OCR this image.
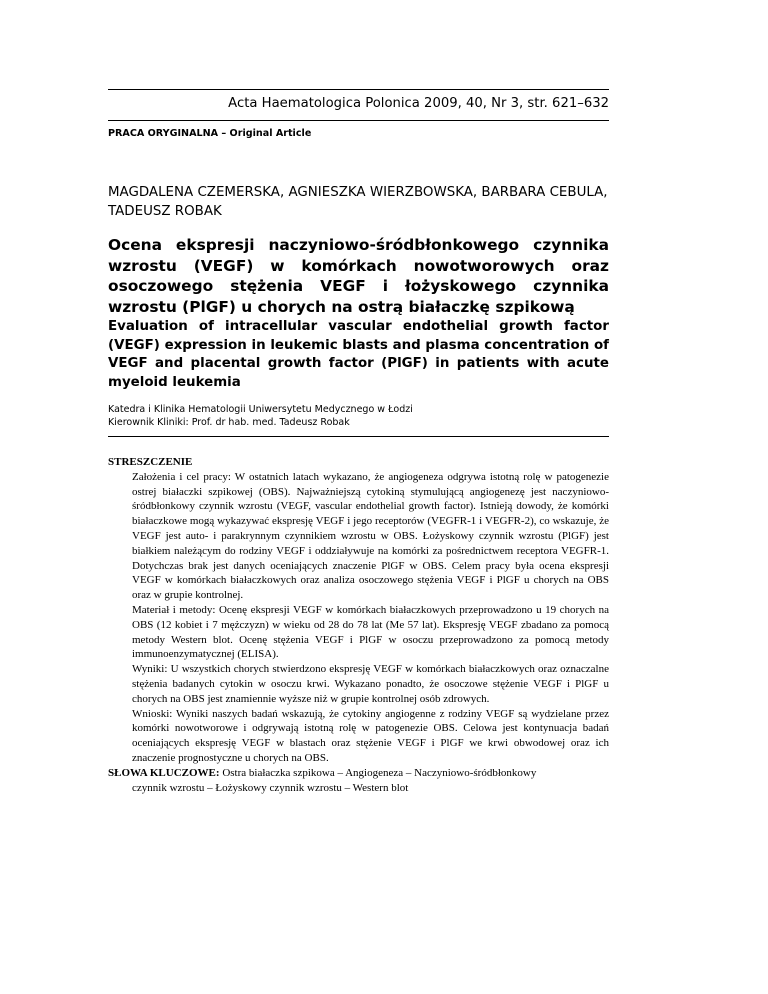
Acta Haematologica Polonica 2009, 40, Nr 3, str. 621–632
PRACA ORYGINALNA – Original Article
MAGDALENA CZEMERSKA, AGNIESZKA WIERZBOWSKA, BARBARA CEBULA,
TADEUSZ ROBAK
Ocena ekspresji naczyniowo-śródbłonkowego czynnika wzrostu (VEGF) w komórkach nowotworowych oraz osoczowego stężenia VEGF i łożyskowego czynnika wzrostu (PlGF) u chorych na ostrą białaczkę szpikową
Evaluation of intracellular vascular endothelial growth factor (VEGF) expression in leukemic blasts and plasma concentration of VEGF and placental growth factor (PlGF) in patients with acute myeloid leukemia
Katedra i Klinika Hematologii Uniwersytetu Medycznego w Łodzi
Kierownik Kliniki: Prof. dr hab. med. Tadeusz Robak
STRESZCZENIE
Założenia i cel pracy: W ostatnich latach wykazano, że angiogeneza odgrywa istotną rolę w patogenezie ostrej białaczki szpikowej (OBS). Najważniejszą cytokiną stymulującą angiogenezę jest naczyniowo-śródbłonkowy czynnik wzrostu (VEGF, vascular endothelial growth factor). Istnieją dowody, że komórki białaczkowe mogą wykazywać ekspresję VEGF i jego receptorów (VEGFR-1 i VEGFR-2), co wskazuje, że VEGF jest auto- i parakrynnym czynnikiem wzrostu w OBS. Łożyskowy czynnik wzrostu (PlGF) jest białkiem należącym do rodziny VEGF i oddziaływuje na komórki za pośrednictwem receptora VEGFR-1. Dotychczas brak jest danych oceniających znaczenie PlGF w OBS. Celem pracy była ocena ekspresji VEGF w komórkach białaczkowych oraz analiza osoczowego stężenia VEGF i PlGF u chorych na OBS oraz w grupie kontrolnej.
Materiał i metody: Ocenę ekspresji VEGF w komórkach białaczkowych przeprowadzono u 19 chorych na OBS (12 kobiet i 7 mężczyzn) w wieku od 28 do 78 lat (Me 57 lat). Ekspresję VEGF zbadano za pomocą metody Western blot. Ocenę stężenia VEGF i PlGF w osoczu przeprowadzono za pomocą metody immunoenzymatycznej (ELISA).
Wyniki: U wszystkich chorych stwierdzono ekspresję VEGF w komórkach białaczkowych oraz oznaczalne stężenia badanych cytokin w osoczu krwi. Wykazano ponadto, że osoczowe stężenie VEGF i PlGF u chorych na OBS jest znamiennie wyższe niż w grupie kontrolnej osób zdrowych.
Wnioski: Wyniki naszych badań wskazują, że cytokiny angiogenne z rodziny VEGF są wydzielane przez komórki nowotworowe i odgrywają istotną rolę w patogenezie OBS. Celowa jest kontynuacja badań oceniających ekspresję VEGF w blastach oraz stężenie VEGF i PlGF we krwi obwodowej oraz ich znaczenie prognostyczne u chorych na OBS.
SŁOWA KLUCZOWE: Ostra białaczka szpikowa – Angiogeneza – Naczyniowo-śródbłonkowy
czynnik wzrostu – Łożyskowy czynnik wzrostu – Western blot
